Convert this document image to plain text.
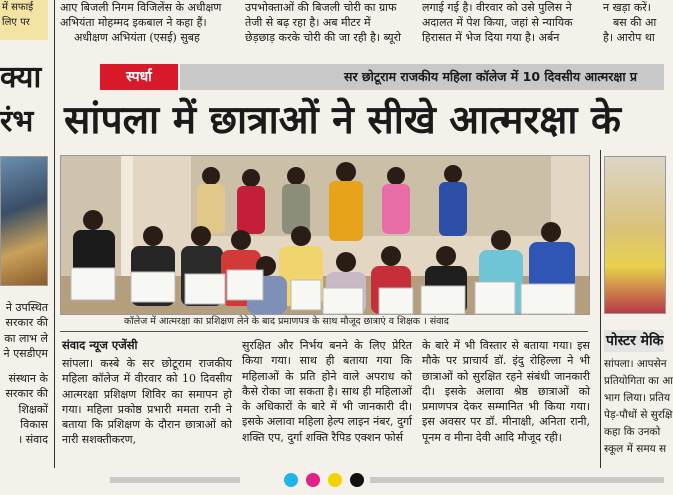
में सफाई
लिए पर
आए बिजली निगम विजिलेंस के अधीक्षण
अभियंता मोहम्मद इकबाल ने कहा हैं।
अधीक्षण अभियंता (एसई) सुबह
उपभोक्ताओं की बिजली चोरी का ग्राफ
तेजी से बढ़ रहा है। अब मीटर में
छेड़छाड़ करके चोरी की जा रही है। ब्यूरो
लगाई गई है। वीरवार को उसे पुलिस ने
अदालत में पेश किया, जहां से न्यायिक
हिरासत में भेज दिया गया है। अर्बन
न खड़ा करें।
बस की आ
है। आरोप था
क्या
रंभ
ने उपस्थित
सरकार की
का लाभ ले
ने एसडीएम
संस्थान के
सरकार की
शिक्षकों
विकास
। संवाद
स्पर्धा	सर छोटूराम राजकीय महिला कॉलेज में 10 दिवसीय आत्मरक्षा प्र
सांपला में छात्राओं ने सीखे आत्मरक्षा के
कॉलेज में आत्मरक्षा का प्रशिक्षण लेने के बाद प्रमाणपत्र के साथ मौजूद छात्राएं व शिक्षक । संवाद
संवाद न्यूज एजेंसी

सांपला। कस्बे के सर छोटूराम राजकीय महिला कॉलेज में वीरवार को 10 दिवसीय आत्मरक्षा प्रशिक्षण शिविर का समापन हो गया। महिला प्रकोष्ठ प्रभारी ममता रानी ने बताया कि प्रशिक्षण के दौरान छात्राओं को नारी सशक्तीकरण,

सुरक्षित और निर्भय बनने के लिए प्रेरित किया गया। साथ ही बताया गया कि महिलाओं के प्रति होने वाले अपराध को कैसे रोका जा सकता है। साथ ही महिलाओं के अधिकारों के बारे में भी जानकारी दी। इसके अलावा महिला हेल्प लाइन नंबर, दुर्गा शक्ति एप, दुर्गा शक्ति रैपिड एक्शन फोर्स

के बारे में भी विस्तार से बताया गया। इस मौके पर प्राचार्य डॉ. इंदु रोहिल्ला ने भी छात्राओं को सुरक्षित रहने संबंधी जानकारी दी। इसके अलावा श्रेष्ठ छात्राओं को प्रमाणपत्र देकर सम्मानित भी किया गया। इस अवसर पर डॉ. मीनाक्षी, अनिता रानी, पूनम व मीना देवी आदि मौजूद रही।

पोस्टर मेकि
सांपला। आपसेन
प्रतियोगिता का आ
भाग लिया। प्रतिय
पेड़-पौधों से सुरक्षि
कहा कि उनको
स्कूल में समय स
